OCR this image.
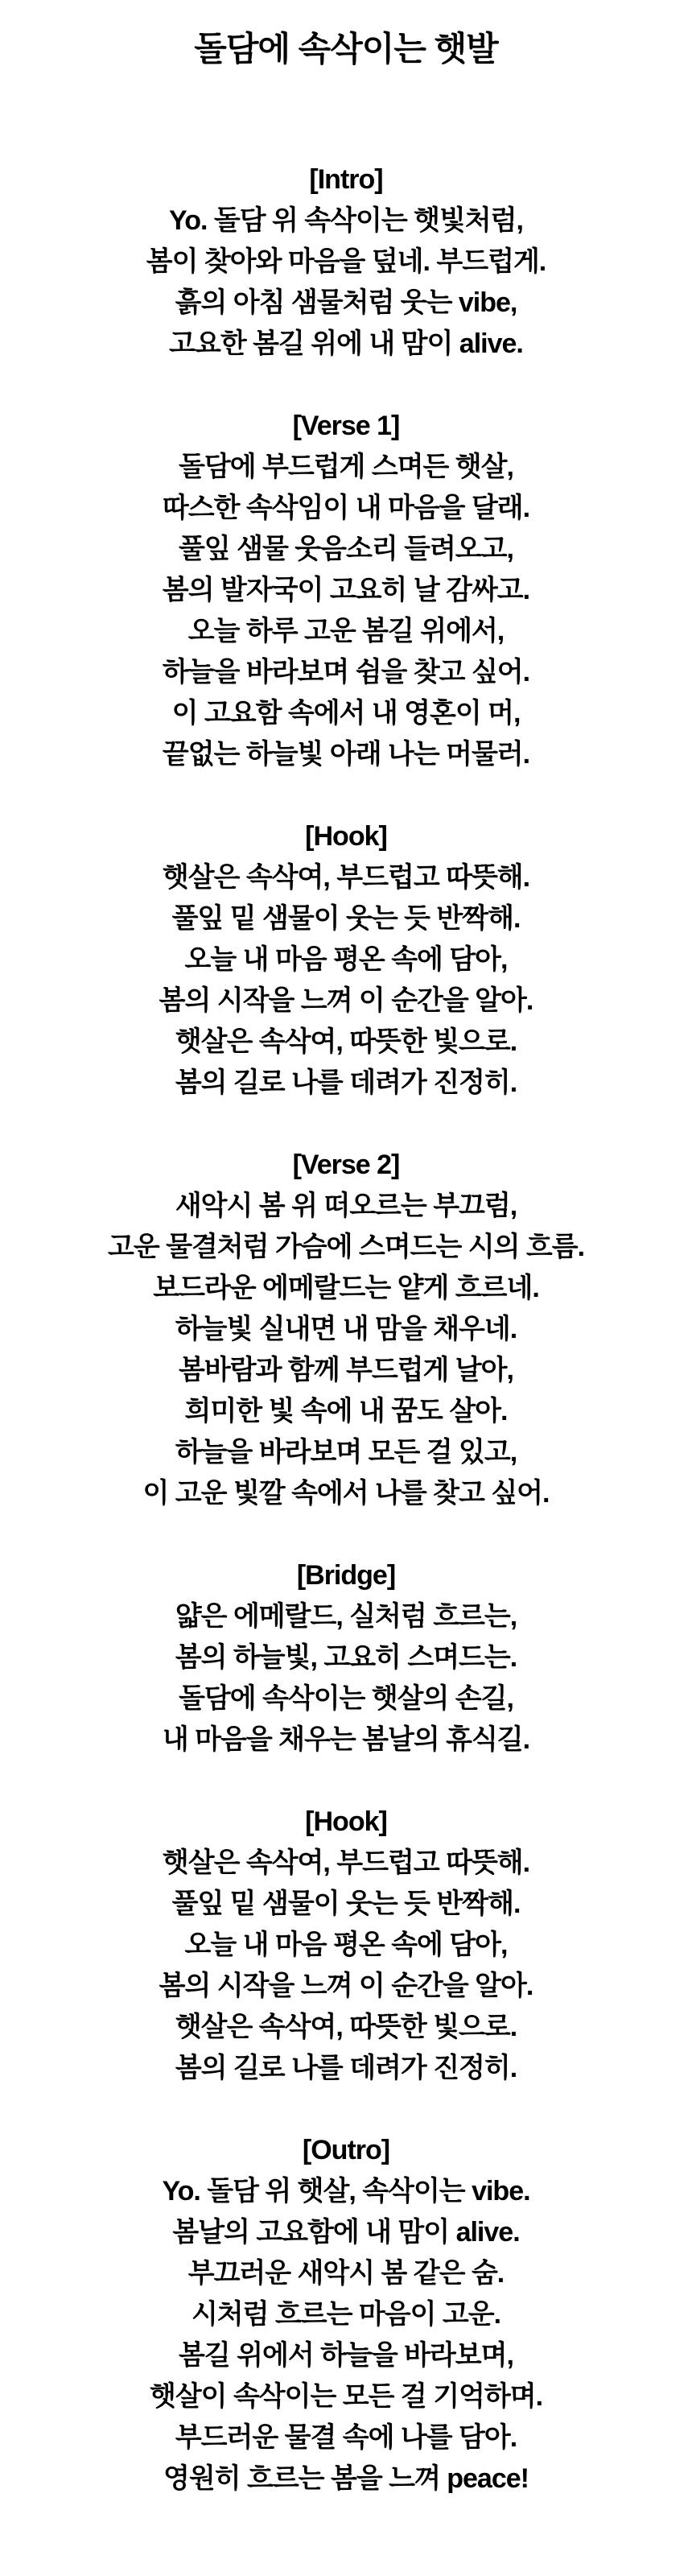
돌담에 속삭이는 햇발

[Intro]

Yo. 돌담 위 속삭이는 햇빛처럼,

봄이 찾아와 마음을 덮네. 부드럽게.

흙의 아침 샘물처럼 웃는 vibe,

고요한 봄길 위에 내 맘이 alive.

[Verse 1]

돌담에 부드럽게 스며든 햇살,

따스한 속삭임이 내 마음을 달래.

풀잎 샘물 웃음소리 들려오고,

봄의 발자국이 고요히 날 감싸고.

오늘 하루 고운 봄길 위에서,

하늘을 바라보며 쉼을 찾고 싶어.

이 고요함 속에서 내 영혼이 머,

끝없는 하늘빛 아래 나는 머물러.

[Hook]

햇살은 속삭여, 부드럽고 따뜻해.

풀잎 밑 샘물이 웃는 듯 반짝해.

오늘 내 마음 평온 속에 담아,

봄의 시작을 느껴 이 순간을 알아.

햇살은 속삭여, 따뜻한 빛으로.

봄의 길로 나를 데려가 진정히.

[Verse 2]

새악시 봄 위 떠오르는 부끄럼,

고운 물결처럼 가슴에 스며드는 시의 흐름.

보드라운 에메랄드는 얕게 흐르네.

하늘빛 실내면 내 맘을 채우네.

봄바람과 함께 부드럽게 날아,

희미한 빛 속에 내 꿈도 살아.

하늘을 바라보며 모든 걸 있고,

이 고운 빛깔 속에서 나를 찾고 싶어.

[Bridge]

얇은 에메랄드, 실처럼 흐르는,

봄의 하늘빛, 고요히 스며드는.

돌담에 속삭이는 햇살의 손길,

내 마음을 채우는 봄날의 휴식길.

[Hook]

햇살은 속삭여, 부드럽고 따뜻해.

풀잎 밑 샘물이 웃는 듯 반짝해.

오늘 내 마음 평온 속에 담아,

봄의 시작을 느껴 이 순간을 알아.

햇살은 속삭여, 따뜻한 빛으로.

봄의 길로 나를 데려가 진정히.

[Outro]

Yo. 돌담 위 햇살, 속삭이는 vibe.

봄날의 고요함에 내 맘이 alive.

부끄러운 새악시 봄 같은 숨.

시처럼 흐르는 마음이 고운.

봄길 위에서 하늘을 바라보며,

햇살이 속삭이는 모든 걸 기억하며.

부드러운 물결 속에 나를 담아.

영원히 흐르는 봄을 느껴 peace!
